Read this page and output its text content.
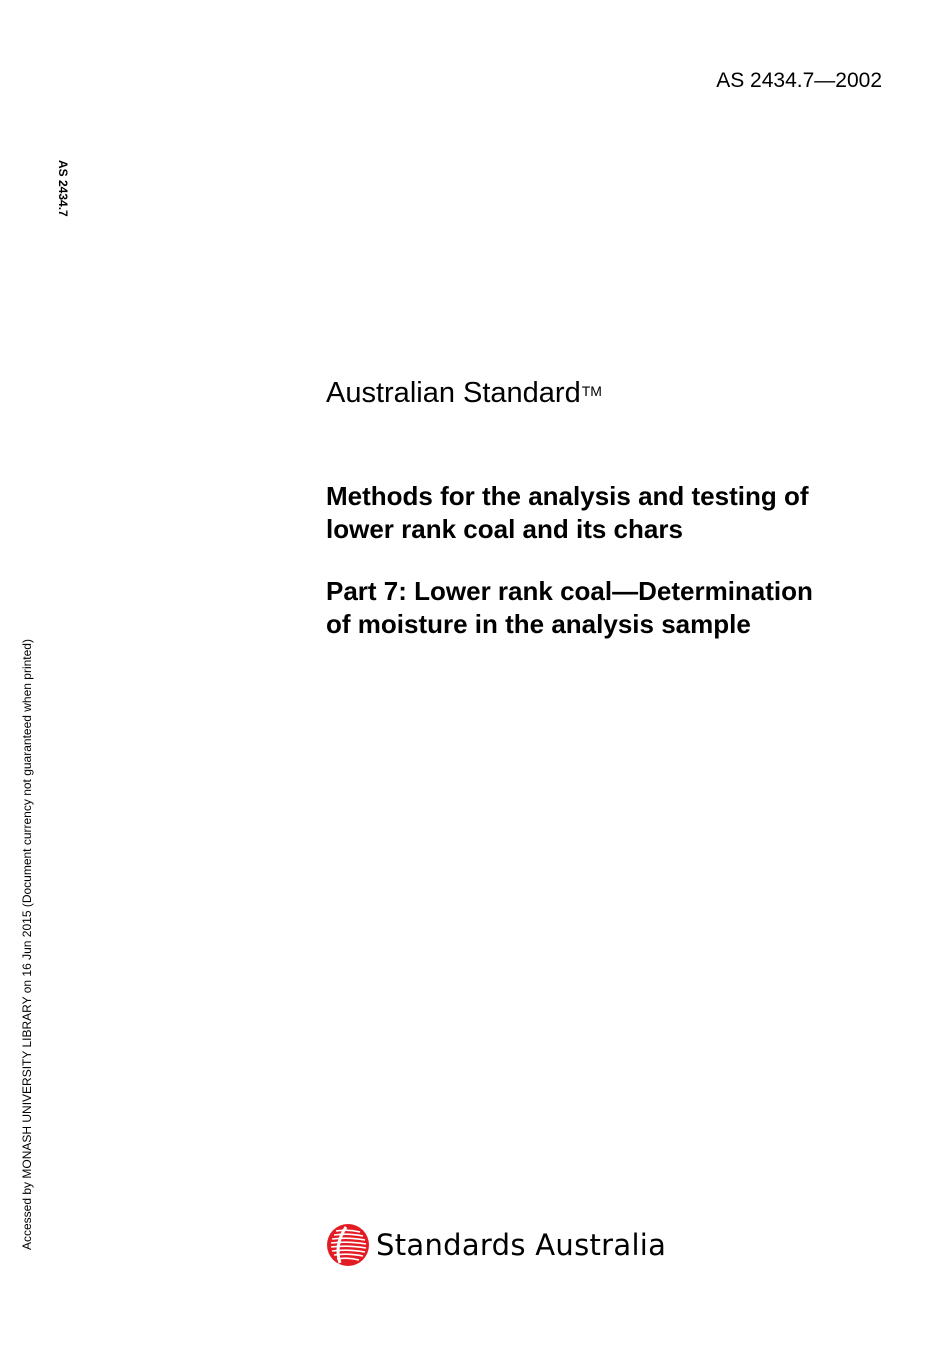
AS 2434.7—2002
AS 2434.7
Accessed by MONASH UNIVERSITY LIBRARY on 16 Jun 2015 (Document currency not guaranteed when printed)
Australian Standard™
Methods for the analysis and testing of
lower rank coal and its chars
Part 7: Lower rank coal—Determination
of moisture in the analysis sample
Standards Australia
